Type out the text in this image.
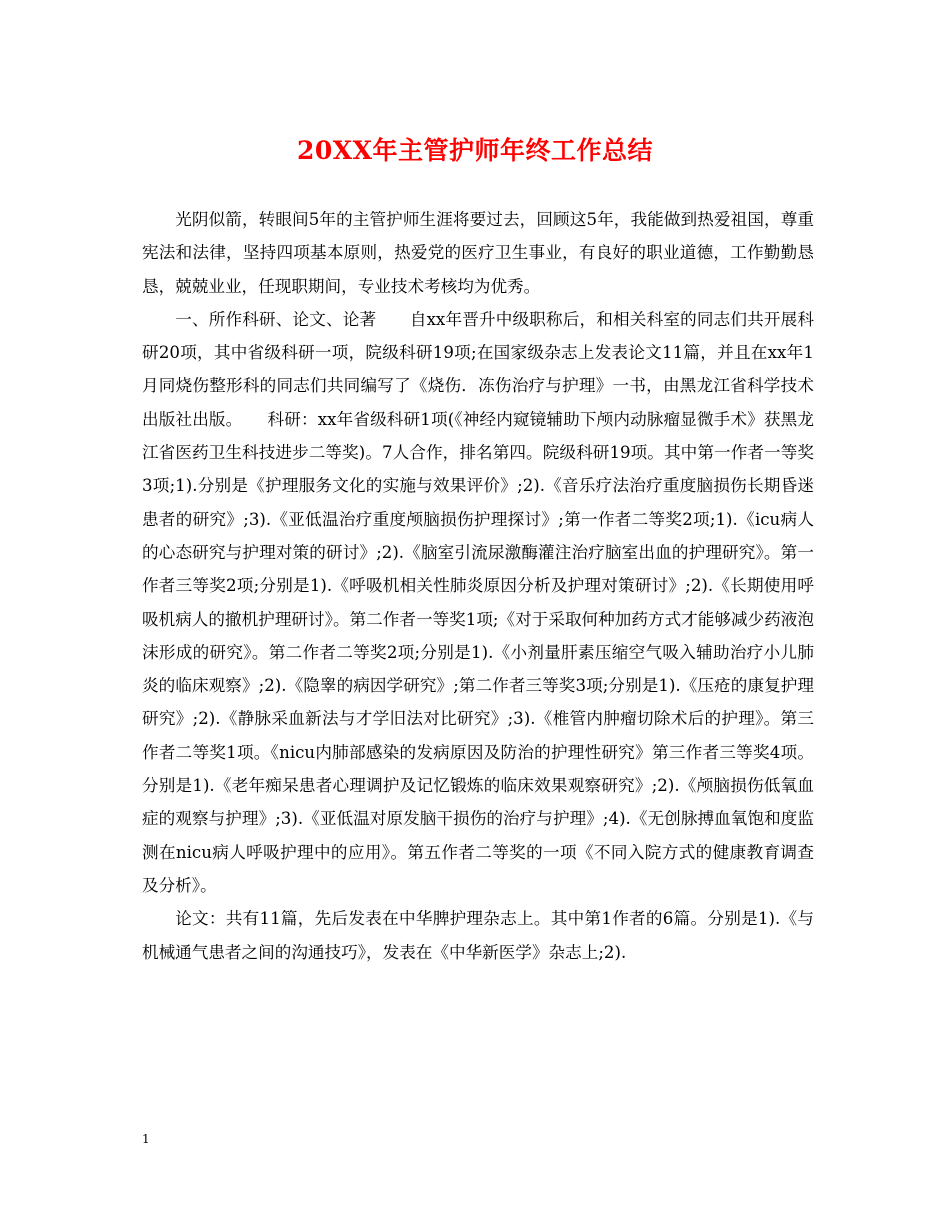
20XX年主管护师年终工作总结

光阴似箭，转眼间5年的主管护师生涯将要过去，回顾这5年，我能做到热爱祖国，尊重宪法和法律，坚持四项基本原则，热爱党的医疗卫生事业，有良好的职业道德，工作勤勤恳恳，兢兢业业，任现职期间，专业技术考核均为优秀。

一、所作科研、论文、论著　　自xx年晋升中级职称后，和相关科室的同志们共开展科研20项，其中省级科研一项，院级科研19项;在国家级杂志上发表论文11篇，并且在xx年1月同烧伤整形科的同志们共同编写了《烧伤．冻伤治疗与护理》一书，由黑龙江省科学技术出版社出版。　　科研：xx年省级科研1项(《神经内窥镜辅助下颅内动脉瘤显微手术》获黑龙江省医药卫生科技进步二等奖)。7人合作，排名第四。院级科研19项。其中第一作者一等奖3项;1).分别是《护理服务文化的实施与效果评价》;2).《音乐疗法治疗重度脑损伤长期昏迷患者的研究》;3).《亚低温治疗重度颅脑损伤护理探讨》;第一作者二等奖2项;1).《icu病人的心态研究与护理对策的研讨》;2).《脑室引流尿激酶灌注治疗脑室出血的护理研究》。第一作者三等奖2项;分别是1).《呼吸机相关性肺炎原因分析及护理对策研讨》;2).《长期使用呼吸机病人的撤机护理研讨》。第二作者一等奖1项;《对于采取何种加药方式才能够减少药液泡沫形成的研究》。第二作者二等奖2项;分别是1).《小剂量肝素压缩空气吸入辅助治疗小儿肺炎的临床观察》;2).《隐睾的病因学研究》;第二作者三等奖3项;分别是1).《压疮的康复护理研究》;2).《静脉采血新法与才学旧法对比研究》;3).《椎管内肿瘤切除术后的护理》。第三作者二等奖1项。《nicu内肺部感染的发病原因及防治的护理性研究》第三作者三等奖4项。分别是1).《老年痴呆患者心理调护及记忆锻炼的临床效果观察研究》;2).《颅脑损伤低氧血症的观察与护理》;3).《亚低温对原发脑干损伤的治疗与护理》;4).《无创脉搏血氧饱和度监测在nicu病人呼吸护理中的应用》。第五作者二等奖的一项《不同入院方式的健康教育调查及分析》。

论文：共有11篇，先后发表在中华脾护理杂志上。其中第1作者的6篇。分别是1).《与机械通气患者之间的沟通技巧》，发表在《中华新医学》杂志上;2).

1
